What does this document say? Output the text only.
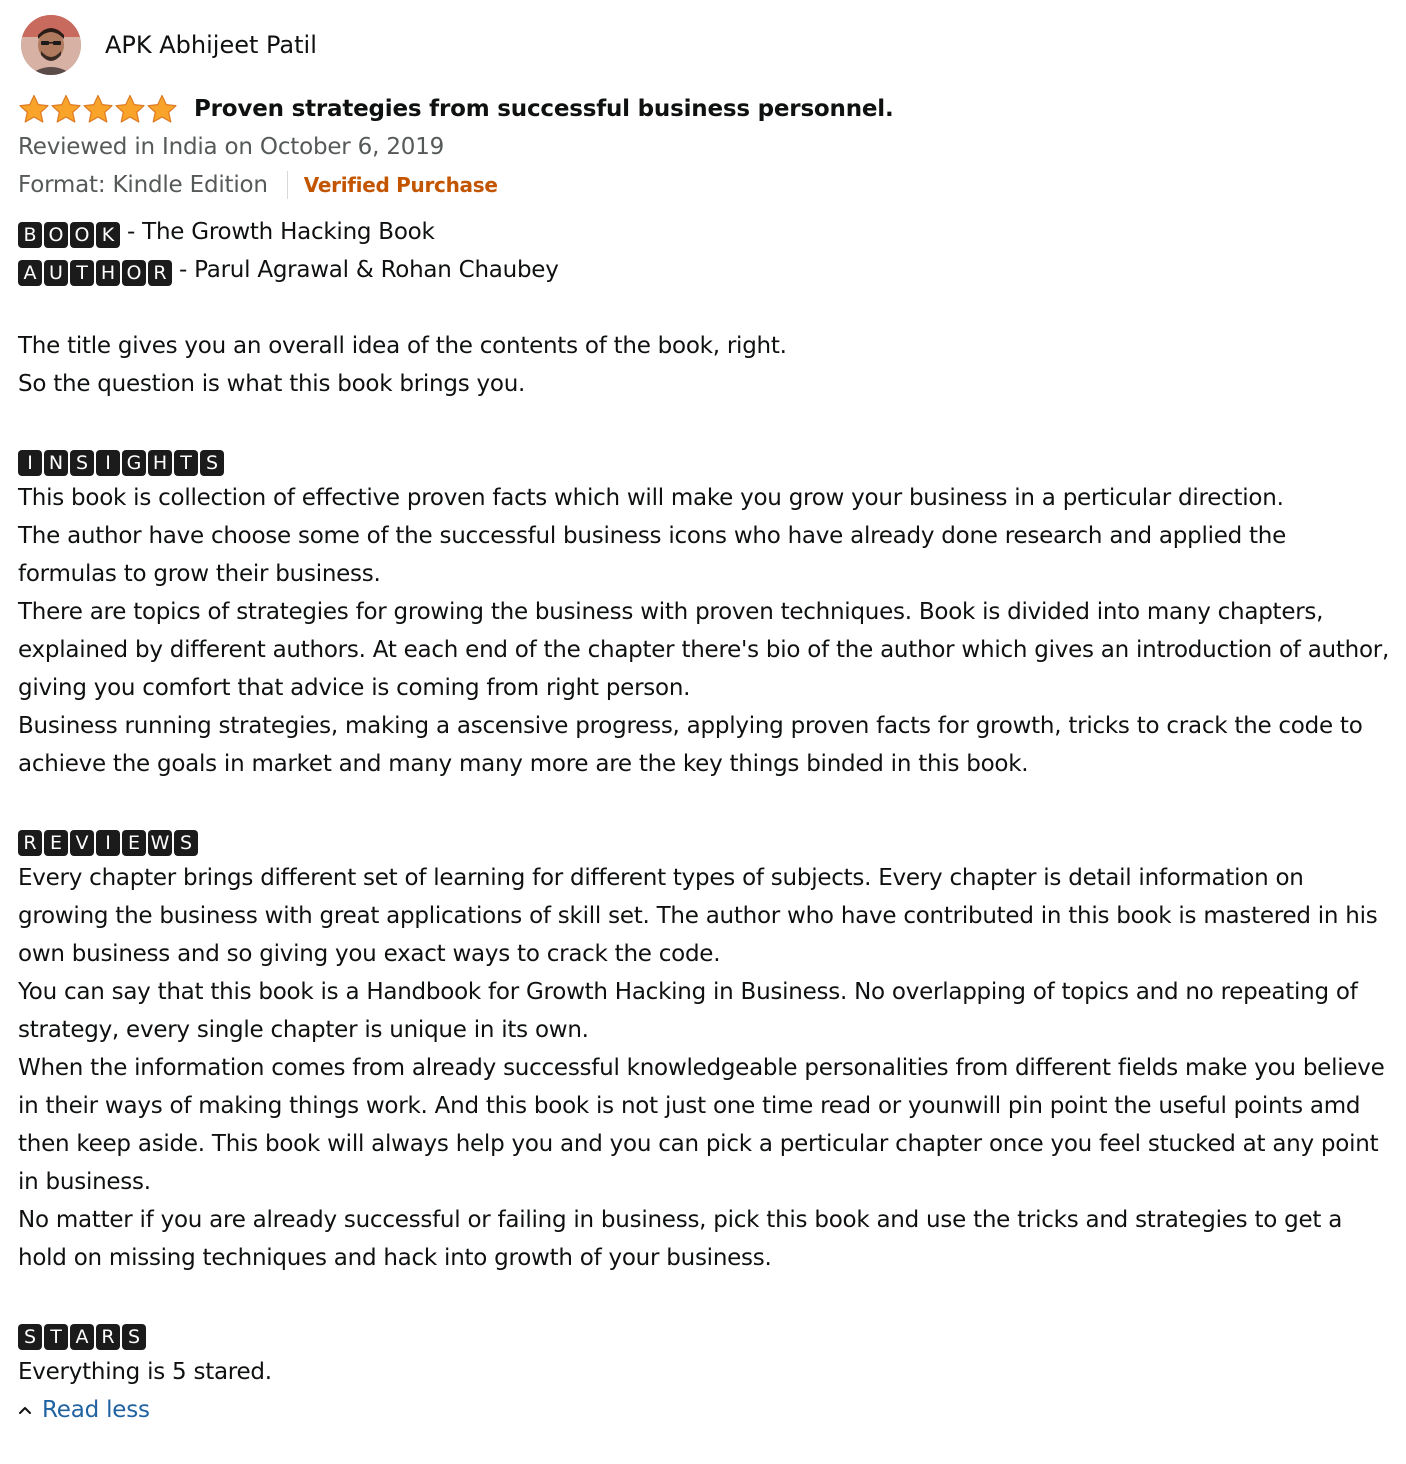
APK Abhijeet Patil
Proven strategies from successful business personnel.
Reviewed in India on October 6, 2019
Format: Kindle Edition Verified Purchase
B O O K - The Growth Hacking Book
A U T H O R - Parul Agrawal & Rohan Chaubey
The title gives you an overall idea of the contents of the book, right.
So the question is what this book brings you.
I N S I G H T S
This book is collection of effective proven facts which will make you grow your business in a perticular direction.
The author have choose some of the successful business icons who have already done research and applied the formulas to grow their business.
There are topics of strategies for growing the business with proven techniques. Book is divided into many chapters, explained by different authors. At each end of the chapter there's bio of the author which gives an introduction of author, giving you comfort that advice is coming from right person.
Business running strategies, making a ascensive progress, applying proven facts for growth, tricks to crack the code to achieve the goals in market and many many more are the key things binded in this book.
R E V I E W S
Every chapter brings different set of learning for different types of subjects. Every chapter is detail information on growing the business with great applications of skill set. The author who have contributed in this book is mastered in his own business and so giving you exact ways to crack the code.
You can say that this book is a Handbook for Growth Hacking in Business. No overlapping of topics and no repeating of strategy, every single chapter is unique in its own.
When the information comes from already successful knowledgeable personalities from different fields make you believe in their ways of making things work. And this book is not just one time read or younwill pin point the useful points amd then keep aside. This book will always help you and you can pick a perticular chapter once you feel stucked at any point in business.
No matter if you are already successful or failing in business, pick this book and use the tricks and strategies to get a hold on missing techniques and hack into growth of your business.
S T A R S
Everything is 5 stared.
Read less
